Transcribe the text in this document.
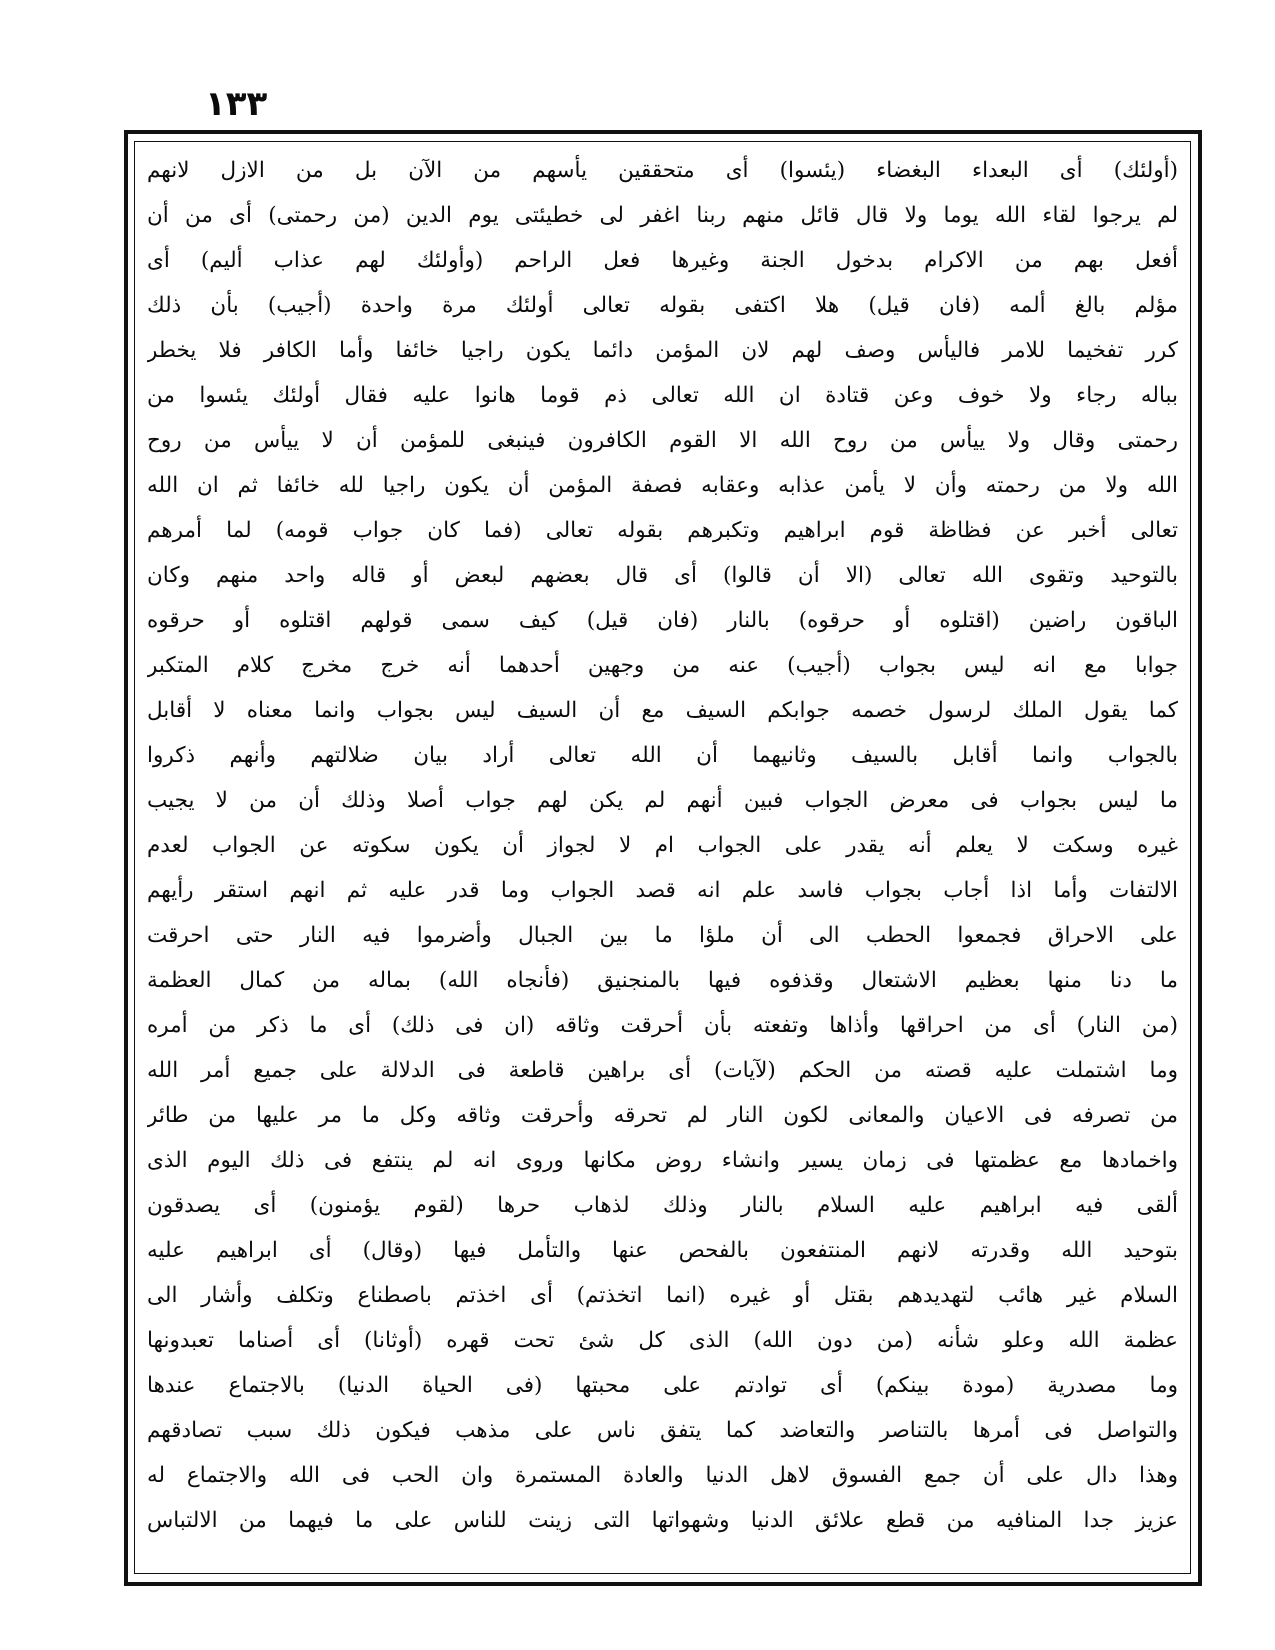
١٣٣
(أولئك) أى البعداء البغضاء (يئسوا) أى متحققين يأسهم من الآن بل من الازل لانهم
لم يرجوا لقاء الله يوما ولا قال قائل منهم ربنا اغفر لى خطيئتى يوم الدين (من رحمتى) أى من أن
أفعل بهم من الاكرام بدخول الجنة وغيرها فعل الراحم (وأولئك لهم عذاب أليم) أى
مؤلم بالغ ألمه (فان قيل) هلا اكتفى بقوله تعالى أولئك مرة واحدة (أجيب) بأن ذلك
كرر تفخيما للامر فاليأس وصف لهم لان المؤمن دائما يكون راجيا خائفا وأما الكافر فلا يخطر
بباله رجاء ولا خوف وعن قتادة ان الله تعالى ذم قوما هانوا عليه فقال أولئك يئسوا من
رحمتى وقال ولا ييأس من روح الله الا القوم الكافرون فينبغى للمؤمن أن لا ييأس من روح
الله ولا من رحمته وأن لا يأمن عذابه وعقابه فصفة المؤمن أن يكون راجيا لله خائفا ثم ان الله
تعالى أخبر عن فظاظة قوم ابراهيم وتكبرهم بقوله تعالى (فما كان جواب قومه) لما أمرهم
بالتوحيد وتقوى الله تعالى (الا أن قالوا) أى قال بعضهم لبعض أو قاله واحد منهم وكان
الباقون راضين (اقتلوه أو حرقوه) بالنار (فان قيل) كيف سمى قولهم اقتلوه أو حرقوه
جوابا مع انه ليس بجواب (أجيب) عنه من وجهين أحدهما أنه خرج مخرج كلام المتكبر
كما يقول الملك لرسول خصمه جوابكم السيف مع أن السيف ليس بجواب وانما معناه لا أقابل
بالجواب وانما أقابل بالسيف وثانيهما أن الله تعالى أراد بيان ضلالتهم وأنهم ذكروا
ما ليس بجواب فى معرض الجواب فبين أنهم لم يكن لهم جواب أصلا وذلك أن من لا يجيب
غيره وسكت لا يعلم أنه يقدر على الجواب ام لا لجواز أن يكون سكوته عن الجواب لعدم
الالتفات وأما اذا أجاب بجواب فاسد علم انه قصد الجواب وما قدر عليه ثم انهم استقر رأيهم
على الاحراق فجمعوا الحطب الى أن ملؤا ما بين الجبال وأضرموا فيه النار حتى احرقت
ما دنا منها بعظيم الاشتعال وقذفوه فيها بالمنجنيق (فأنجاه الله) بماله من كمال العظمة
(من النار) أى من احراقها وأذاها وتفعته بأن أحرقت وثاقه (ان فى ذلك) أى ما ذكر من أمره
وما اشتملت عليه قصته من الحكم (لآيات) أى براهين قاطعة فى الدلالة على جميع أمر الله
من تصرفه فى الاعيان والمعانى لكون النار لم تحرقه وأحرقت وثاقه وكل ما مر عليها من طائر
واخمادها مع عظمتها فى زمان يسير وانشاء روض مكانها وروى انه لم ينتفع فى ذلك اليوم الذى
ألقى فيه ابراهيم عليه السلام بالنار وذلك لذهاب حرها (لقوم يؤمنون) أى يصدقون
بتوحيد الله وقدرته لانهم المنتفعون بالفحص عنها والتأمل فيها (وقال) أى ابراهيم عليه
السلام غير هائب لتهديدهم بقتل أو غيره (انما اتخذتم) أى اخذتم باصطناع وتكلف وأشار الى
عظمة الله وعلو شأنه (من دون الله) الذى كل شئ تحت قهره (أوثانا) أى أصناما تعبدونها
وما مصدرية (مودة بينكم) أى توادتم على محبتها (فى الحياة الدنيا) بالاجتماع عندها
والتواصل فى أمرها بالتناصر والتعاضد كما يتفق ناس على مذهب فيكون ذلك سبب تصادقهم
وهذا دال على أن جمع الفسوق لاهل الدنيا والعادة المستمرة وان الحب فى الله والاجتماع له
عزيز جدا المنافيه من قطع علائق الدنيا وشهواتها التى زينت للناس على ما فيهما من الالتباس
